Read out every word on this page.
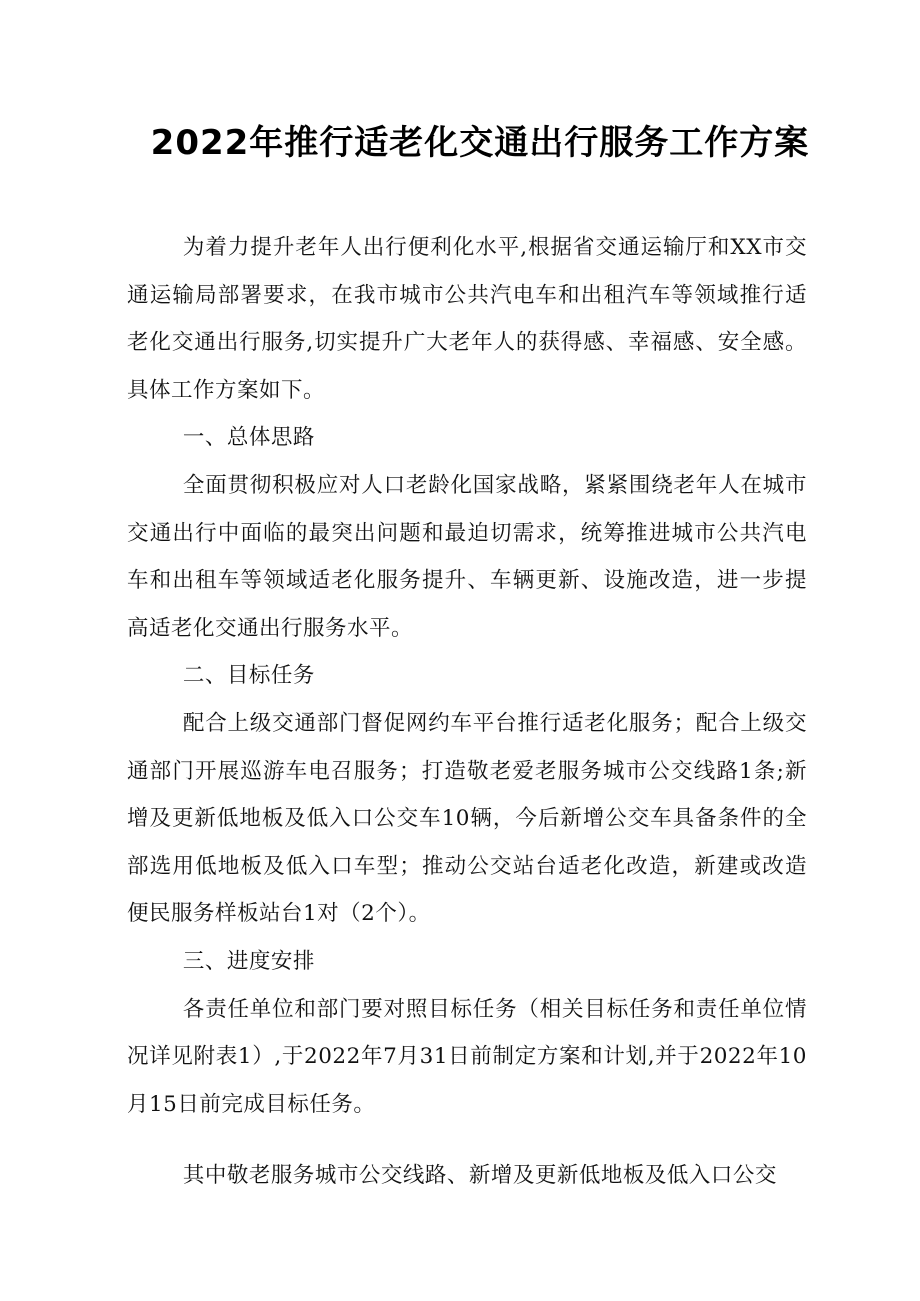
2022年推行适老化交通出行服务工作方案

为着力提升老年人出行便利化水平,根据省交通运输厅和XX市交通运输局部署要求，在我市城市公共汽电车和出租汽车等领域推行适老化交通出行服务,切实提升广大老年人的获得感、幸福感、安全感。具体工作方案如下。

一、总体思路

全面贯彻积极应对人口老龄化国家战略，紧紧围绕老年人在城市交通出行中面临的最突出问题和最迫切需求，统筹推进城市公共汽电车和出租车等领域适老化服务提升、车辆更新、设施改造，进一步提高适老化交通出行服务水平。

二、目标任务

配合上级交通部门督促网约车平台推行适老化服务；配合上级交通部门开展巡游车电召服务；打造敬老爱老服务城市公交线路1条;新增及更新低地板及低入口公交车10辆，今后新增公交车具备条件的全部选用低地板及低入口车型；推动公交站台适老化改造，新建或改造便民服务样板站台1对（2个）。

三、进度安排

各责任单位和部门要对照目标任务（相关目标任务和责任单位情况详见附表1）,于2022年7月31日前制定方案和计划,并于2022年10月15日前完成目标任务。

其中敬老服务城市公交线路、新增及更新低地板及低入口公交
